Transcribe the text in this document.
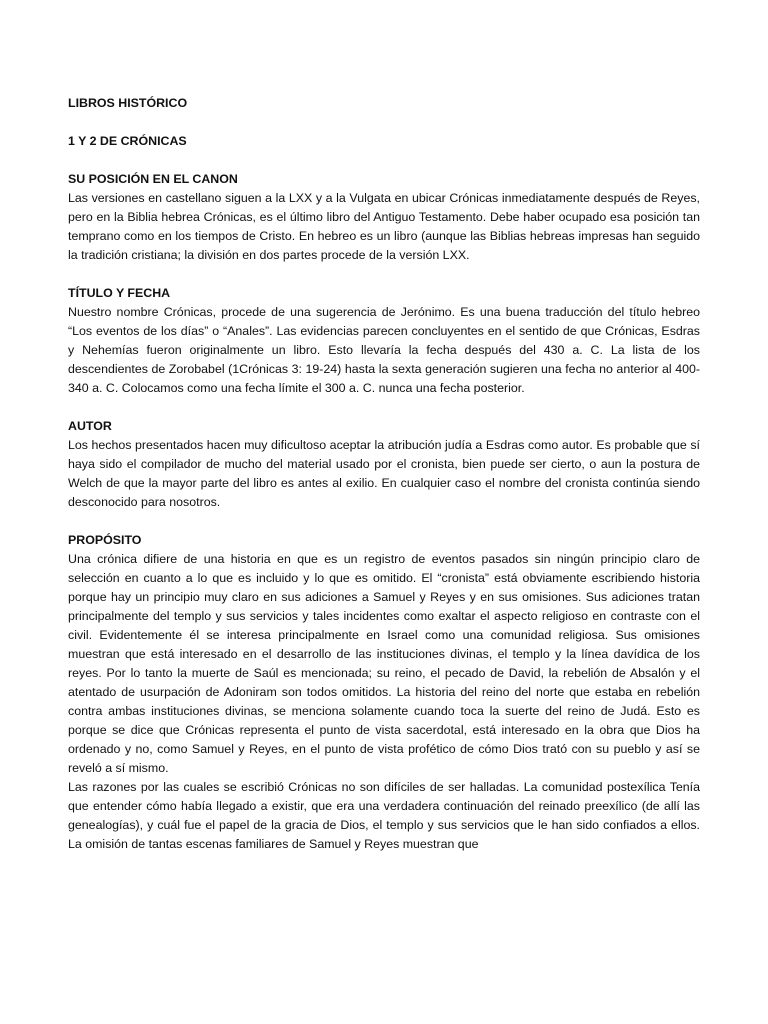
LIBROS HISTÓRICO
1 Y 2 DE CRÓNICAS
SU POSICIÓN EN EL CANON

Las versiones en castellano siguen a la LXX y a la Vulgata en ubicar Crónicas inmediatamente después de Reyes, pero en la Biblia hebrea Crónicas, es el último libro del Antiguo Testamento. Debe haber ocupado esa posición tan temprano como en los tiempos de Cristo. En hebreo es un libro (aunque las Biblias hebreas impresas han seguido la tradición cristiana; la división en dos partes procede de la versión LXX.

TÍTULO Y FECHA

Nuestro nombre Crónicas, procede de una sugerencia de Jerónimo. Es una buena traducción del título hebreo “Los eventos de los días” o “Anales”. Las evidencias parecen concluyentes en el sentido de que Crónicas, Esdras y Nehemías fueron originalmente un libro. Esto llevaría la fecha después del 430 a. C. La lista de los descendientes de Zorobabel (1Crónicas 3: 19-24) hasta la sexta generación sugieren una fecha no anterior al 400-340 a. C. Colocamos como una fecha límite el 300 a. C. nunca una fecha posterior.

AUTOR

Los hechos presentados hacen muy dificultoso aceptar la atribución judía a Esdras como autor. Es probable que sí haya sido el compilador de mucho del material usado por el cronista, bien puede ser cierto, o aun la postura de Welch de que la mayor parte del libro es antes al exilio. En cualquier caso el nombre del cronista continúa siendo desconocido para nosotros.

PROPÓSITO

Una crónica difiere de una historia en que es un registro de eventos pasados sin ningún principio claro de selección en cuanto a lo que es incluido y lo que es omitido. El “cronista” está obviamente escribiendo historia porque hay un principio muy claro en sus adiciones a Samuel y Reyes y en sus omisiones. Sus adiciones tratan principalmente del templo y sus servicios y tales incidentes como exaltar el aspecto religioso en contraste con el civil. Evidentemente él se interesa principalmente en Israel como una comunidad religiosa. Sus omisiones muestran que está interesado en el desarrollo de las instituciones divinas, el templo y la línea davídica de los reyes. Por lo tanto la muerte de Saúl es mencionada; su reino, el pecado de David, la rebelión de Absalón y el atentado de usurpación de Adoniram son todos omitidos. La historia del reino del norte que estaba en rebelión contra ambas instituciones divinas, se menciona solamente cuando toca la suerte del reino de Judá. Esto es porque se dice que Crónicas representa el punto de vista sacerdotal, está interesado en la obra que Dios ha ordenado y no, como Samuel y Reyes, en el punto de vista profético de cómo Dios trató con su pueblo y así se reveló a sí mismo.

Las razones por las cuales se escribió Crónicas no son difíciles de ser halladas. La comunidad postexílica Tenía que entender cómo había llegado a existir, que era una verdadera continuación del reinado preexílico (de allí las genealogías), y cuál fue el papel de la gracia de Dios, el templo y sus servicios que le han sido confiados a ellos. La omisión de tantas escenas familiares de Samuel y Reyes muestran que
